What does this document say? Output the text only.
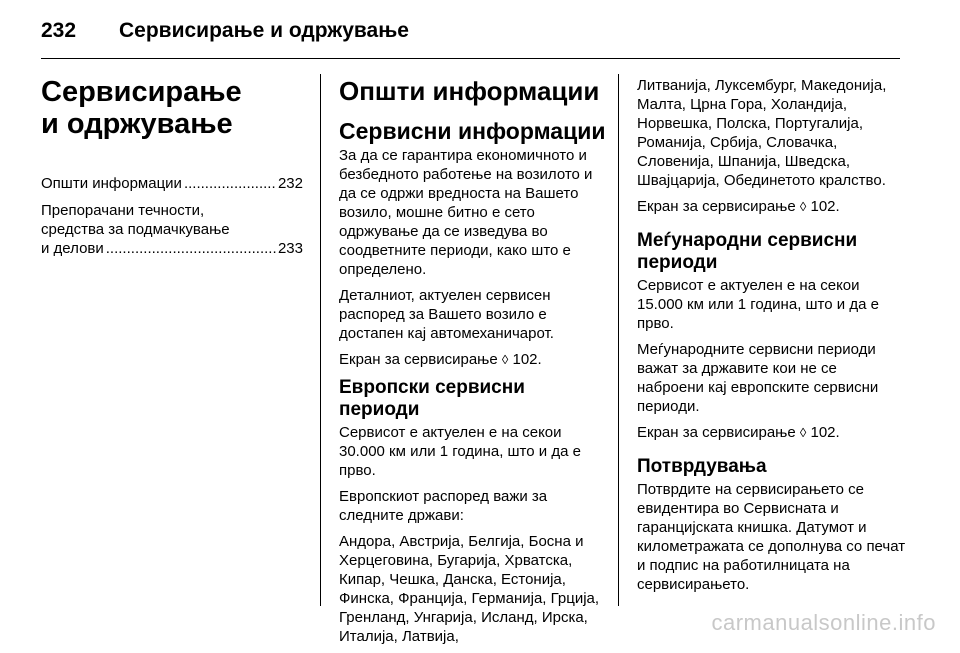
232	Сервисирање и одржување
Сервисирање
и одржување
Општи информации .....	232
Препорачани течности,
средства за подмачкување
и делови .....	233
Општи информации
Сервисни информации

За да се гарантира економичното и безбедното работење на возилото и да се одржи вредноста на Вашето возило, мошне битно е сето одржување да се изведува во соодветните периоди, како што е определено.

Деталниот, актуелен сервисен распоред за Вашето возило е достапен кај автомеханичарот.

Екран за сервисирање ◊ 102.

Европски сервисни периоди

Сервисот е актуелен е на секои 30.000 км или 1 година, што и да е прво.

Европскиот распоред важи за следните држави:

Андора, Австрија, Белгија, Босна и Херцеговина, Бугарија, Хрватска, Кипар, Чешка, Данска, Естонија, Финска, Франција, Германија, Грција, Гренланд, Унгарија, Исланд, Ирска, Италија, Латвија,

Литванија, Луксембург, Македонија, Малта, Црна Гора, Холандија, Норвешка, Полска, Португалија, Романија, Србија, Словачка, Словенија, Шпанија, Шведска, Швајцарија, Обединетото кралство.

Екран за сервисирање ◊ 102.

Меѓународни сервисни периоди

Сервисот е актуелен е на секои 15.000 км или 1 година, што и да е прво.

Меѓународните сервисни периоди важат за државите кои не се наброени кај европските сервисни периоди.

Екран за сервисирање ◊ 102.

Потврдувања

Потврдите на сервисирањето се евидентира во Сервисната и гаранцијската книшка. Датумот и километражата се дополнува со печат и подпис на работилницата на сервисирањето.

carmanualsonline.info
